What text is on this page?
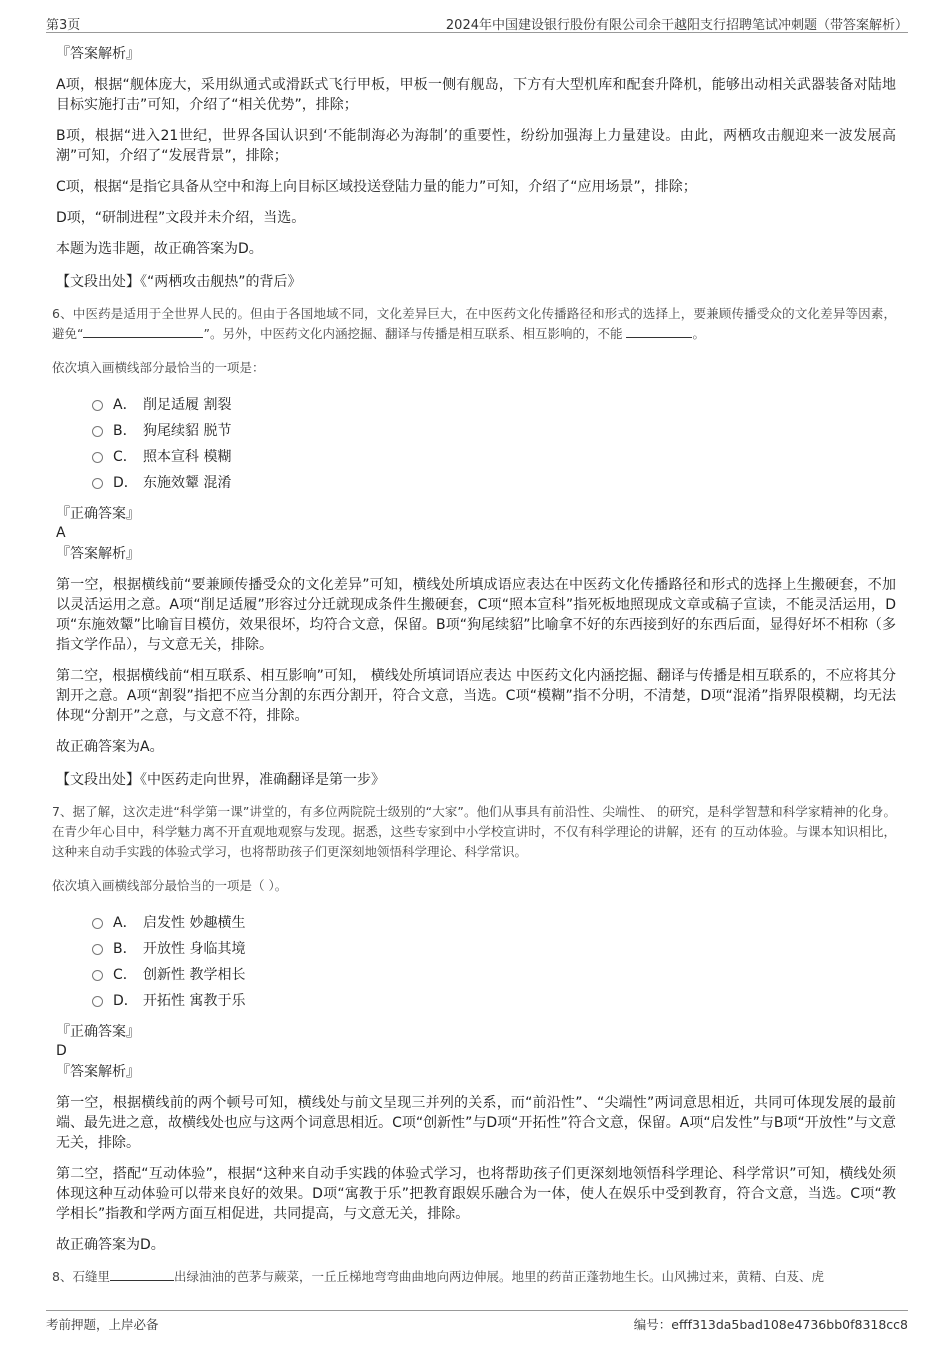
第3页	2024年中国建设银行股份有限公司余干越阳支行招聘笔试冲刺题（带答案解析）

『答案解析』

A项，根据“舰体庞大，采用纵通式或滑跃式飞行甲板，甲板一侧有舰岛，下方有大型机库和配套升降机，能够出动相关武器装备对陆地目标实施打击”可知，介绍了“相关优势”，排除；

B项，根据“进入21世纪，世界各国认识到‘不能制海必为海制’的重要性，纷纷加强海上力量建设。由此，两栖攻击舰迎来一波发展高潮”可知，介绍了“发展背景”，排除；

C项，根据“是指它具备从空中和海上向目标区域投送登陆力量的能力”可知，介绍了“应用场景”，排除；

D项，“研制进程”文段并未介绍，当选。

本题为选非题，故正确答案为D。

【文段出处】《“两栖攻击舰热”的背后》

6、中医药是适用于全世界人民的。但由于各国地域不同，文化差异巨大，在中医药文化传播路径和形式的选择上，要兼顾传播受众的文化差异等因素，避免“	”。另外，中医药文化内涵挖掘、翻译与传播是相互联系、相互影响的，不能	。

依次填入画横线部分最恰当的一项是：

A． 削足适履 割裂
B． 狗尾续貂 脱节
C． 照本宣科 模糊
D． 东施效颦 混淆

『正确答案』

A

『答案解析』

第一空，根据横线前“要兼顾传播受众的文化差异”可知，横线处所填成语应表达在中医药文化传播路径和形式的选择上生搬硬套，不加以灵活运用之意。A项“削足适履”形容过分迁就现成条件生搬硬套，C项“照本宣科”指死板地照现成文章或稿子宣读，不能灵活运用，D项“东施效颦”比喻盲目模仿，效果很坏，均符合文意，保留。B项“狗尾续貂”比喻拿不好的东西接到好的东西后面，显得好坏不相称（多指文学作品），与文意无关，排除。

第二空，根据横线前“相互联系、相互影响”可知， 横线处所填词语应表达 中医药文化内涵挖掘、翻译与传播是相互联系的，不应将其分割开之意。A项“割裂”指把不应当分割的东西分割开，符合文意，当选。C项“模糊”指不分明，不清楚，D项“混淆”指界限模糊，均无法体现“分割开”之意，与文意不符，排除。

故正确答案为A。

【文段出处】《中医药走向世界，准确翻译是第一步》

7、据了解，这次走进“科学第一课”讲堂的，有多位两院院士级别的“大家”。他们从事具有前沿性、尖端性、 的研究，是科学智慧和科学家精神的化身。在青少年心目中，科学魅力离不开直观地观察与发现。据悉，这些专家到中小学校宣讲时，不仅有科学理论的讲解，还有 的互动体验。与课本知识相比，这种来自动手实践的体验式学习，也将帮助孩子们更深刻地领悟科学理论、科学常识。

依次填入画横线部分最恰当的一项是（ ）。

A． 启发性 妙趣横生
B． 开放性 身临其境
C． 创新性 教学相长
D． 开拓性 寓教于乐

『正确答案』

D

『答案解析』

第一空，根据横线前的两个顿号可知，横线处与前文呈现三并列的关系，而“前沿性”、“尖端性”两词意思相近，共同可体现发展的最前端、最先进之意，故横线处也应与这两个词意思相近。C项“创新性”与D项“开拓性”符合文意，保留。A项“启发性”与B项“开放性”与文意无关，排除。

第二空，搭配“互动体验”，根据“这种来自动手实践的体验式学习，也将帮助孩子们更深刻地领悟科学理论、科学常识”可知，横线处须体现这种互动体验可以带来良好的效果。D项“寓教于乐”把教育跟娱乐融合为一体，使人在娱乐中受到教育，符合文意，当选。C项“教学相长”指教和学两方面互相促进，共同提高，与文意无关，排除。

故正确答案为D。

8、石缝里	出绿油油的芭茅与蕨菜，一丘丘梯地弯弯曲曲地向两边伸展。地里的药苗正蓬勃地生长。山风拂过来，黄精、白芨、虎

考前押题，上岸必备	编号：efff313da5bad108e4736bb0f8318cc8
